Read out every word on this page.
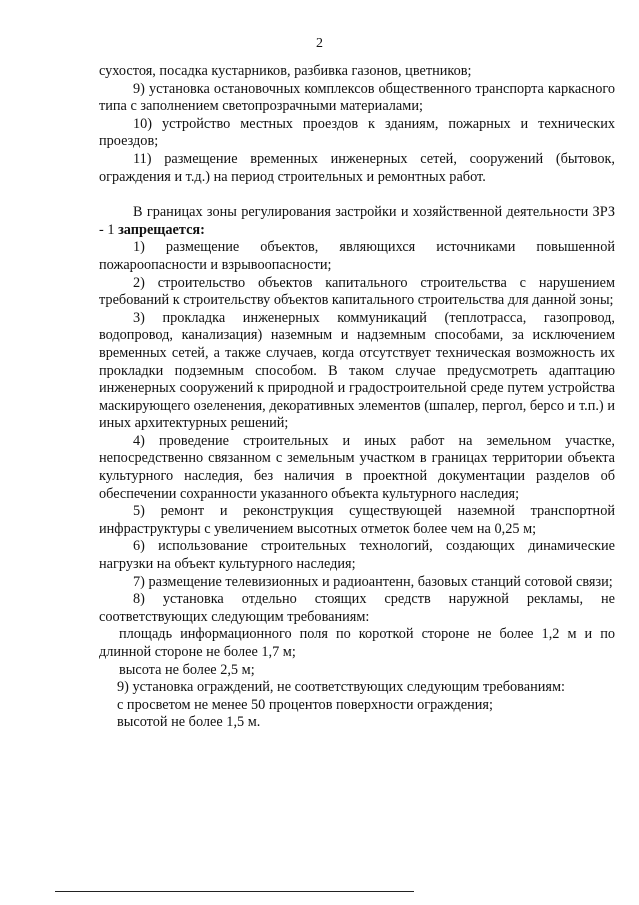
2

сухостоя, посадка кустарников, разбивка газонов, цветников;

9) установка остановочных комплексов общественного транспорта каркасного типа с заполнением светопрозрачными материалами;

10) устройство местных проездов к зданиям, пожарных и технических проездов;

11) размещение временных инженерных сетей, сооружений (бытовок, ограждения и т.д.) на период строительных и ремонтных работ.

В границах зоны регулирования застройки и хозяйственной деятельности ЗРЗ - 1 запрещается:

1) размещение объектов, являющихся источниками повышенной пожароопасности и взрывоопасности;

2) строительство объектов капитального строительства с нарушением требований к строительству объектов капитального строительства для данной зоны;

3) прокладка инженерных коммуникаций (теплотрасса, газопровод, водопровод, канализация) наземным и надземным способами, за исключением временных сетей, а также случаев, когда отсутствует техническая возможность их прокладки подземным способом. В таком случае предусмотреть адаптацию инженерных сооружений к природной и градостроительной среде путем устройства маскирующего озеленения, декоративных элементов (шпалер, пергол, берсо и т.п.) и иных архитектурных решений;

4) проведение строительных и иных работ на земельном участке, непосредственно связанном с земельным участком в границах территории объекта культурного наследия, без наличия в проектной документации разделов об обеспечении сохранности указанного объекта культурного наследия;

5) ремонт и реконструкция существующей наземной транспортной инфраструктуры с увеличением высотных отметок более чем на 0,25 м;

6) использование строительных технологий, создающих динамические нагрузки на объект культурного наследия;

7) размещение телевизионных и радиоантенн, базовых станций сотовой связи;

8) установка отдельно стоящих средств наружной рекламы, не соответствующих следующим требованиям:

площадь информационного поля по короткой стороне не более 1,2 м и по длинной стороне не более 1,7 м;

высота не более 2,5 м;

9) установка ограждений, не соответствующих следующим требованиям:

с просветом не менее 50 процентов поверхности ограждения;

высотой не более 1,5 м.
